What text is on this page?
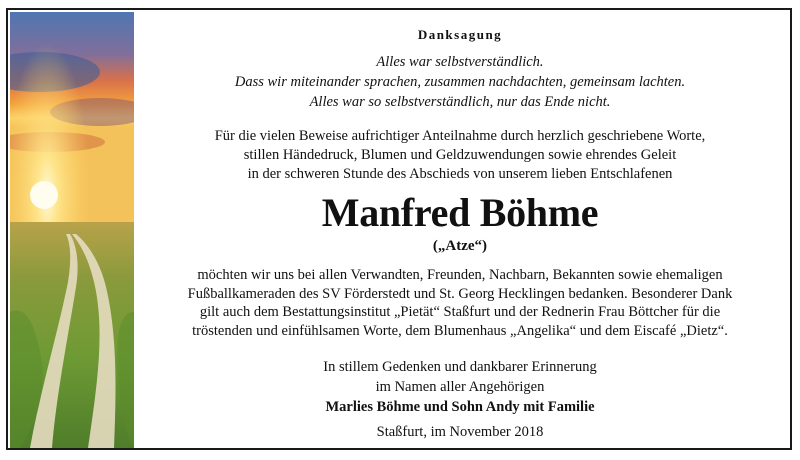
Danksagung
Alles war selbstverständlich.
Dass wir miteinander sprachen, zusammen nachdachten, gemeinsam lachten.
Alles war so selbstverständlich, nur das Ende nicht.
Für die vielen Beweise aufrichtiger Anteilnahme durch herzlich geschriebene Worte,
stillen Händedruck, Blumen und Geldzuwendungen sowie ehrendes Geleit
in der schweren Stunde des Abschieds von unserem lieben Entschlafenen
Manfred Böhme
(„Atze“)
möchten wir uns bei allen Verwandten, Freunden, Nachbarn, Bekannten sowie ehemaligen
Fußballkameraden des SV Förderstedt und St. Georg Hecklingen bedanken. Besonderer Dank
gilt auch dem Bestattungsinstitut „Pietät“ Staßfurt und der Rednerin Frau Böttcher für die
tröstenden und einfühlsamen Worte, dem Blumenhaus „Angelika“ und dem Eiscafé „Dietz“.
In stillem Gedenken und dankbarer Erinnerung
im Namen aller Angehörigen
Marlies Böhme und Sohn Andy mit Familie
Staßfurt, im November 2018
